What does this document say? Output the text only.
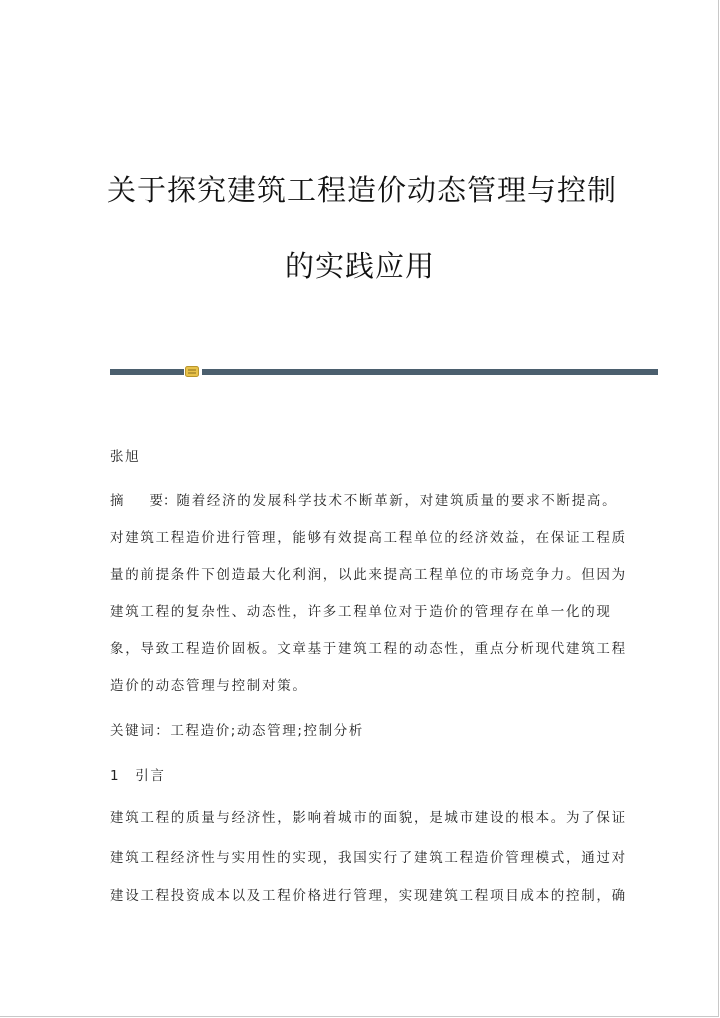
关于探究建筑工程造价动态管理与控制
的实践应用
张旭
摘 要：随着经济的发展科学技术不断革新，对建筑质量的要求不断提高。
对建筑工程造价进行管理，能够有效提高工程单位的经济效益，在保证工程质
量的前提条件下创造最大化利润，以此来提高工程单位的市场竞争力。但因为
建筑工程的复杂性、动态性，许多工程单位对于造价的管理存在单一化的现
象，导致工程造价固板。文章基于建筑工程的动态性，重点分析现代建筑工程
造价的动态管理与控制对策。
关键词：工程造价;动态管理;控制分析
1　引言
建筑工程的质量与经济性，影响着城市的面貌，是城市建设的根本。为了保证
建筑工程经济性与实用性的实现，我国实行了建筑工程造价管理模式，通过对
建设工程投资成本以及工程价格进行管理，实现建筑工程项目成本的控制，确
